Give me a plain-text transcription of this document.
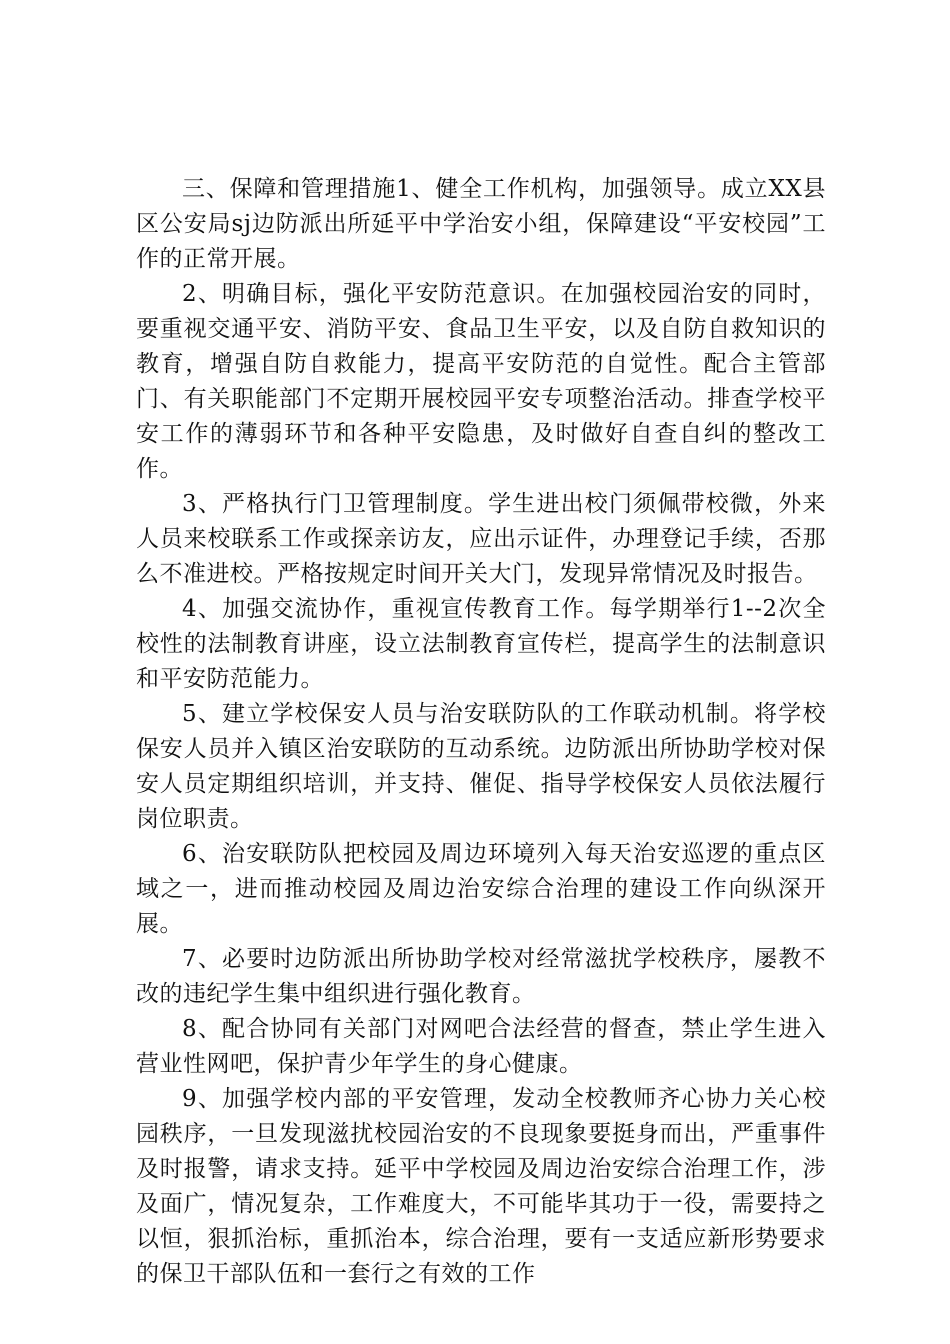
三、保障和管理措施1、健全工作机构，加强领导。成立XX县区公安局sj边防派出所延平中学治安小组，保障建设“平安校园”工作的正常开展。

2、明确目标，强化平安防范意识。在加强校园治安的同时，要重视交通平安、消防平安、食品卫生平安，以及自防自救知识的教育，增强自防自救能力，提高平安防范的自觉性。配合主管部门、有关职能部门不定期开展校园平安专项整治活动。排查学校平安工作的薄弱环节和各种平安隐患，及时做好自查自纠的整改工作。

3、严格执行门卫管理制度。学生进出校门须佩带校微，外来人员来校联系工作或探亲访友，应出示证件，办理登记手续，否那么不准进校。严格按规定时间开关大门，发现异常情况及时报告。

4、加强交流协作，重视宣传教育工作。每学期举行1--2次全校性的法制教育讲座，设立法制教育宣传栏，提高学生的法制意识和平安防范能力。

5、建立学校保安人员与治安联防队的工作联动机制。将学校保安人员并入镇区治安联防的互动系统。边防派出所协助学校对保安人员定期组织培训，并支持、催促、指导学校保安人员依法履行岗位职责。

6、治安联防队把校园及周边环境列入每天治安巡逻的重点区域之一，进而推动校园及周边治安综合治理的建设工作向纵深开展。

7、必要时边防派出所协助学校对经常滋扰学校秩序，屡教不改的违纪学生集中组织进行强化教育。

8、配合协同有关部门对网吧合法经营的督查，禁止学生进入营业性网吧，保护青少年学生的身心健康。

9、加强学校内部的平安管理，发动全校教师齐心协力关心校园秩序，一旦发现滋扰校园治安的不良现象要挺身而出，严重事件及时报警，请求支持。延平中学校园及周边治安综合治理工作，涉及面广，情况复杂，工作难度大，不可能毕其功于一役，需要持之以恒，狠抓治标，重抓治本，综合治理，要有一支适应新形势要求的保卫干部队伍和一套行之有效的工作
